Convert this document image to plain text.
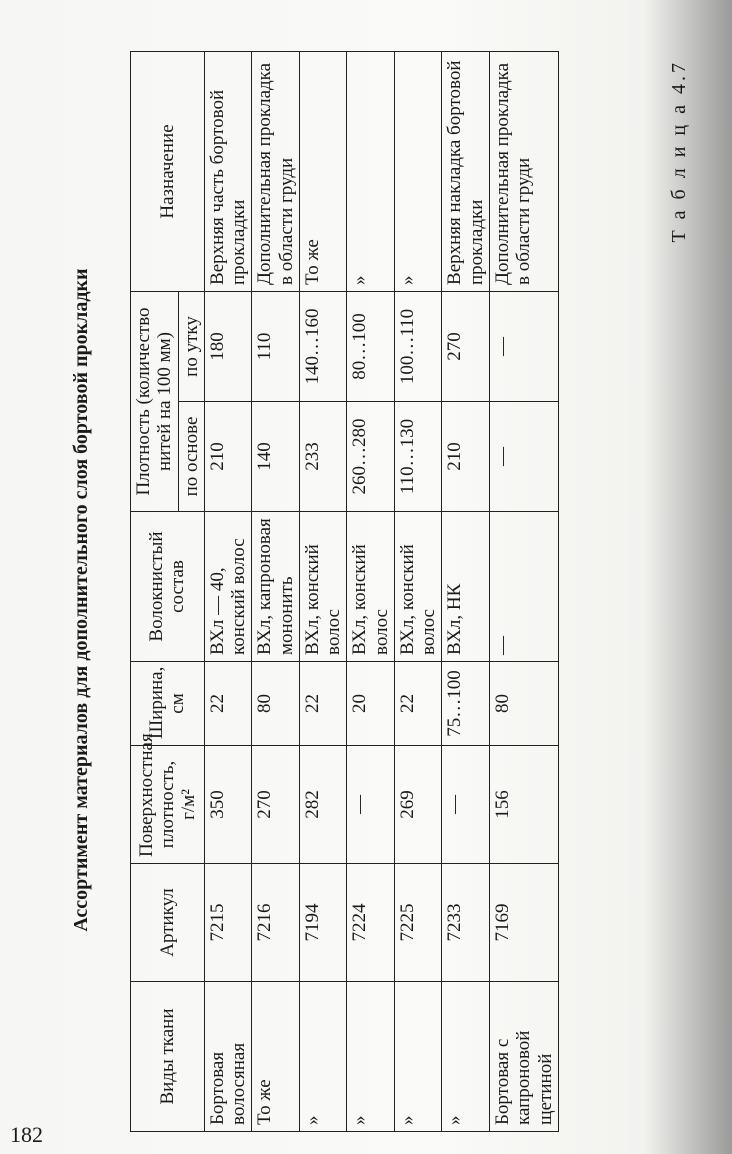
182
Т а б л и ц а 4.7
Ассортимент материалов для дополнительного слоя бортовой прокладки
Виды ткани	Артикул	Поверхностная плотность, г/м²	Ширина, см	Волокнистый состав	Плотность (количество нитей на 100 мм)		Назначение
					по основе	по утку	
Бортовая волосяная	7215	350	22	ВХл — 40, конский волос	210	180	Верхняя часть бортовой прокладки
То же	7216	270	80	ВХл, капроновая мононить	140	110	Дополнительная прокладка в области груди
»	7194	282	22	ВХл, конский волос	233	140…160	То же
»	7224	—	20	ВХл, конский волос	260…280	80…100	»
»	7225	269	22	ВХл, конский волос	110…130	100…110	»
»	7233	—	75…100	ВХл, НК	210	270	Верхняя накладка бортовой прокладки
Бортовая с капроновой щетиной	7169	156	80	—	—	—	Дополнительная прокладка в области груди
